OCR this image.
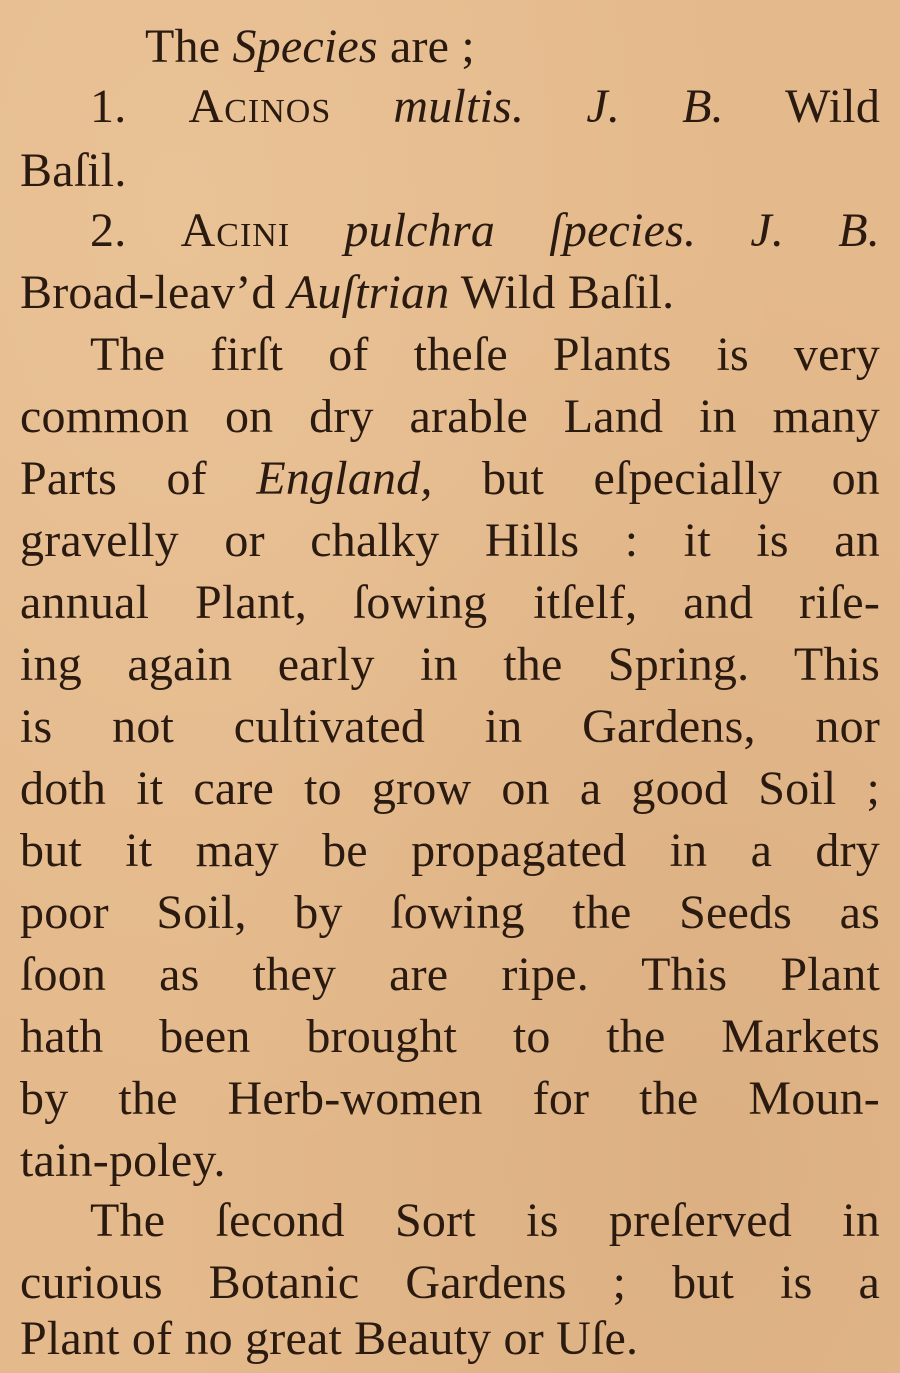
The Species are ;
1. Acinos multis. J. B. Wild
Baſil.
2. Acini pulchra ſpecies. J. B.
Broad-leav’d Auſtrian Wild Baſil.
The firſt of theſe Plants is very
common on dry arable Land in many
Parts of England, but eſpecially on
gravelly or chalky Hills : it is an
annual Plant, ſowing itſelf, and riſe-
ing again early in the Spring. This
is not cultivated in Gardens, nor
doth it care to grow on a good Soil ;
but it may be propagated in a dry
poor Soil, by ſowing the Seeds as
ſoon as they are ripe. This Plant
hath been brought to the Markets
by the Herb-women for the Moun-
tain-poley.
The ſecond Sort is preſerved in
curious Botanic Gardens ; but is a
Plant of no great Beauty or Uſe.
